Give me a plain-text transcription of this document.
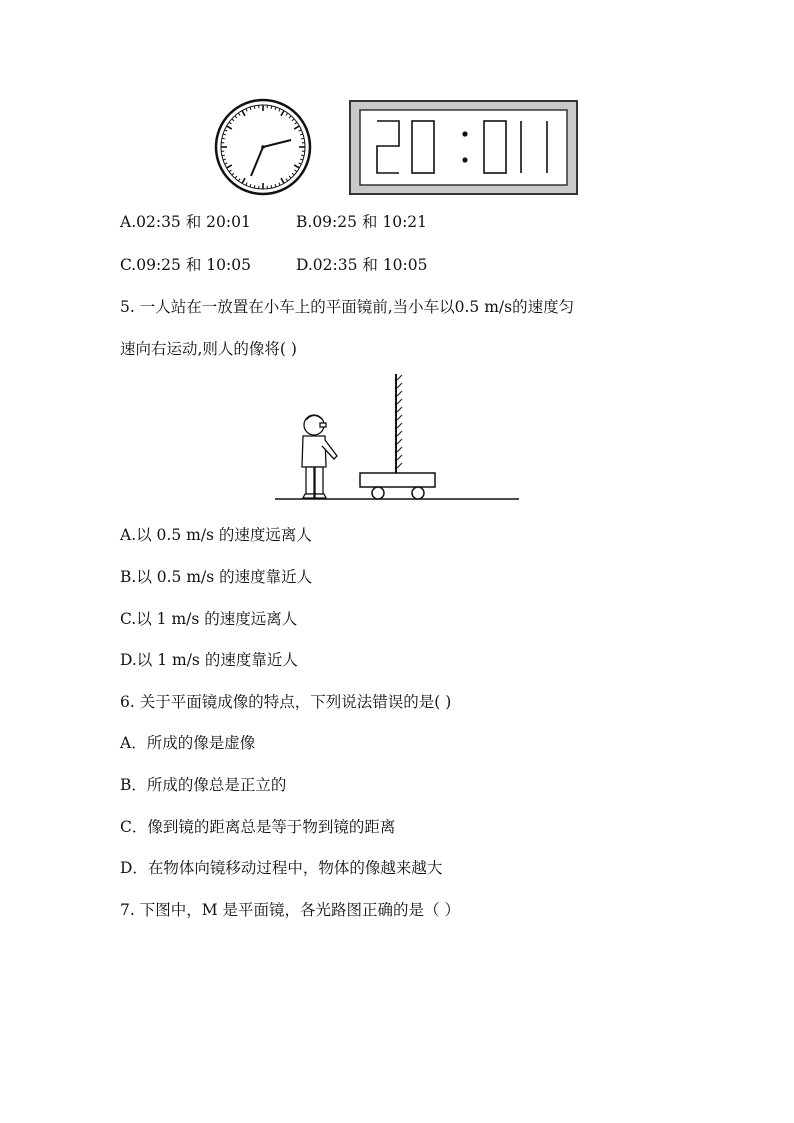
A.02:35 和 20:01	B.09:25 和 10:21
C.09:25 和 10:05	D.02:35 和 10:05
5. 一人站在一放置在小车上的平面镜前,当小车以0.5 m/s的速度匀
速向右运动,则人的像将( )
A.以 0.5 m/s 的速度远离人
B.以 0.5 m/s 的速度靠近人
C.以 1 m/s 的速度远离人
D.以 1 m/s 的速度靠近人
6. 关于平面镜成像的特点，下列说法错误的是( )
A．所成的像是虚像
B．所成的像总是正立的
C．像到镜的距离总是等于物到镜的距离
D．在物体向镜移动过程中，物体的像越来越大
7. 下图中，M 是平面镜，各光路图正确的是（ ）
